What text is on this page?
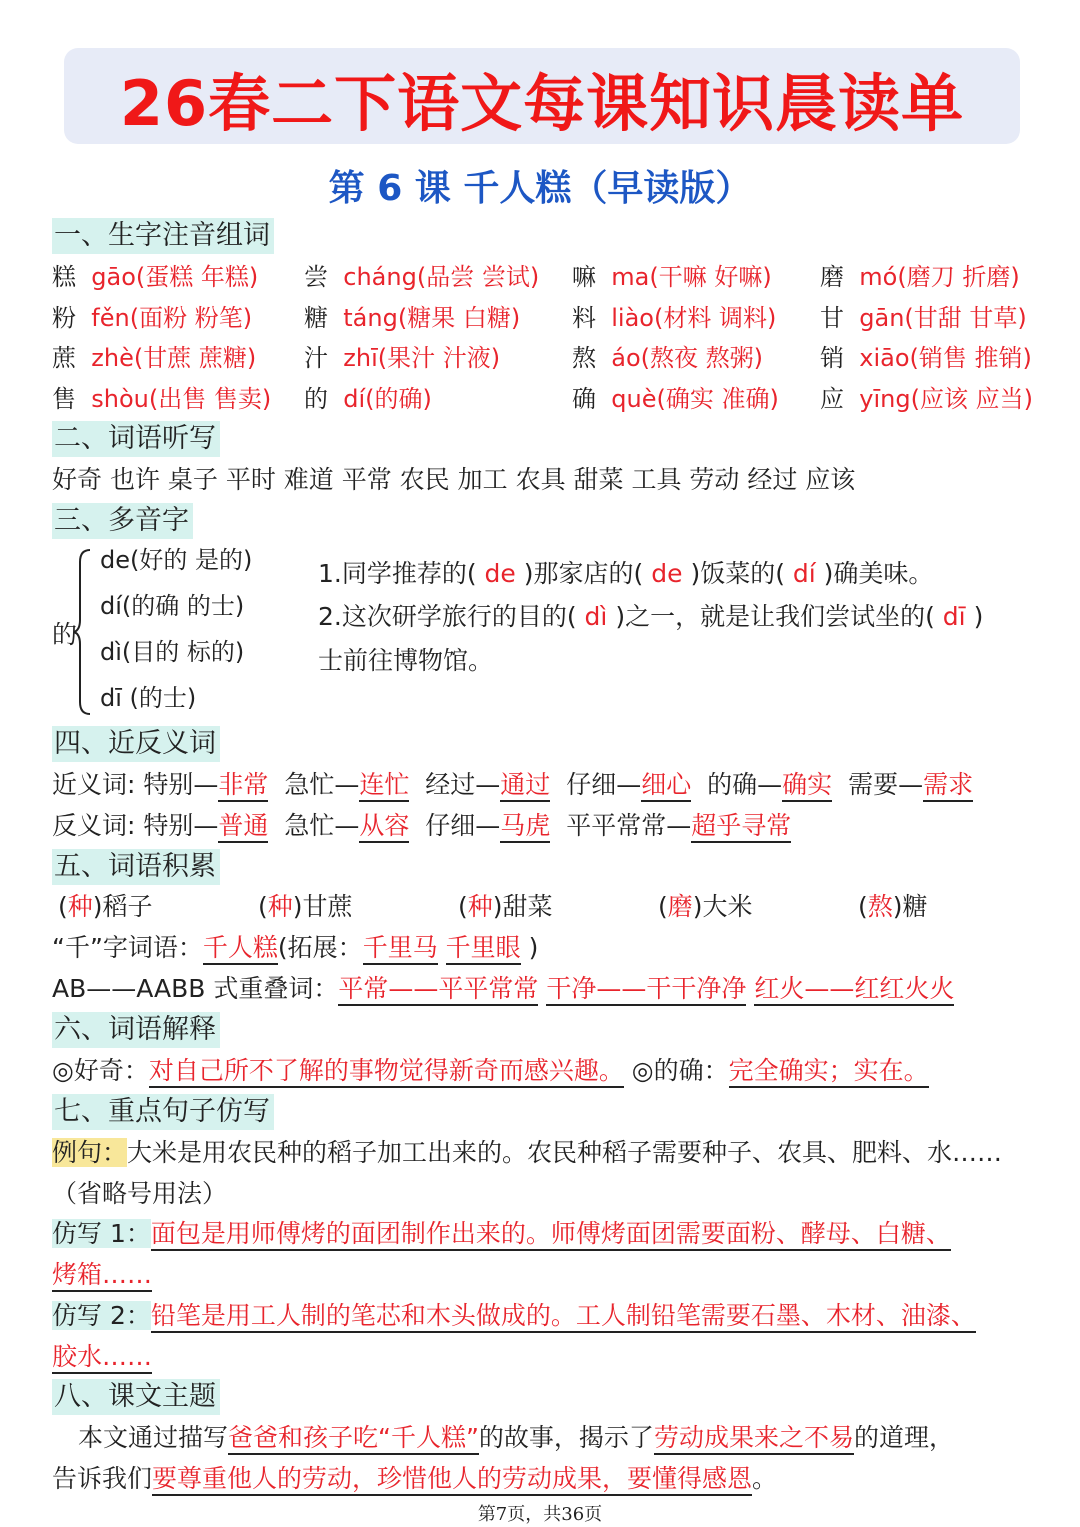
26春二下语文每课知识晨读单
第 6 课 千人糕（早读版）
一、生字注音组词
糕 gāo(蛋糕 年糕) 尝 cháng(品尝 尝试) 嘛 ma(干嘛 好嘛) 磨 mó(磨刀 折磨)
粉 fěn(面粉 粉笔) 糖 táng(糖果 白糖) 料 liào(材料 调料) 甘 gān(甘甜 甘草)
蔗 zhè(甘蔗 蔗糖) 汁 zhī(果汁 汁液)	熬 áo(熬夜 熬粥) 销 xiāo(销售 推销)
售 shòu(出售 售卖) 的 dí(的确)	确 què(确实 准确) 应 yīng(应该 应当)
二、词语听写
好奇 也许 桌子 平时 难道 平常 农民 加工 农具 甜菜 工具 劳动 经过 应该
三、多音字
的
de(好的 是的)
dí(的确 的士)
dì(目的 标的)
dī (的士)
1.同学推荐的( de )那家店的( de )饭菜的( dí )确美味。
2.这次研学旅行的目的( dì )之一，就是让我们尝试坐的( dī )
士前往博物馆。
四、近反义词
近义词: 特别—非常 急忙—连忙 经过—通过 仔细—细心 的确—确实 需要—需求
反义词: 特别—普通 急忙—从容 仔细—马虎 平平常常—超乎寻常
五、词语积累
(种)稻子	(种)甘蔗	(种)甜菜	(磨)大米	(熬)糖
“千”字词语：千人糕(拓展：千里马 千里眼 )
AB——AABB 式重叠词：平常——平平常常 干净——干干净净 红火——红红火火
六、词语解释
◎好奇：对自己所不了解的事物觉得新奇而感兴趣。 ◎的确：完全确实；实在。
七、重点句子仿写
例句：大米是用农民种的稻子加工出来的。农民种稻子需要种子、农具、肥料、水……
（省略号用法）
仿写 1：面包是用师傅烤的面团制作出来的。师傅烤面团需要面粉、酵母、白糖、
烤箱……
仿写 2：铅笔是用工人制的笔芯和木头做成的。工人制铅笔需要石墨、木材、油漆、
胶水……
八、课文主题
本文通过描写爸爸和孩子吃“千人糕”的故事，揭示了劳动成果来之不易的道理，
告诉我们要尊重他人的劳动，珍惜他人的劳动成果，要懂得感恩。
第7页，共36页
